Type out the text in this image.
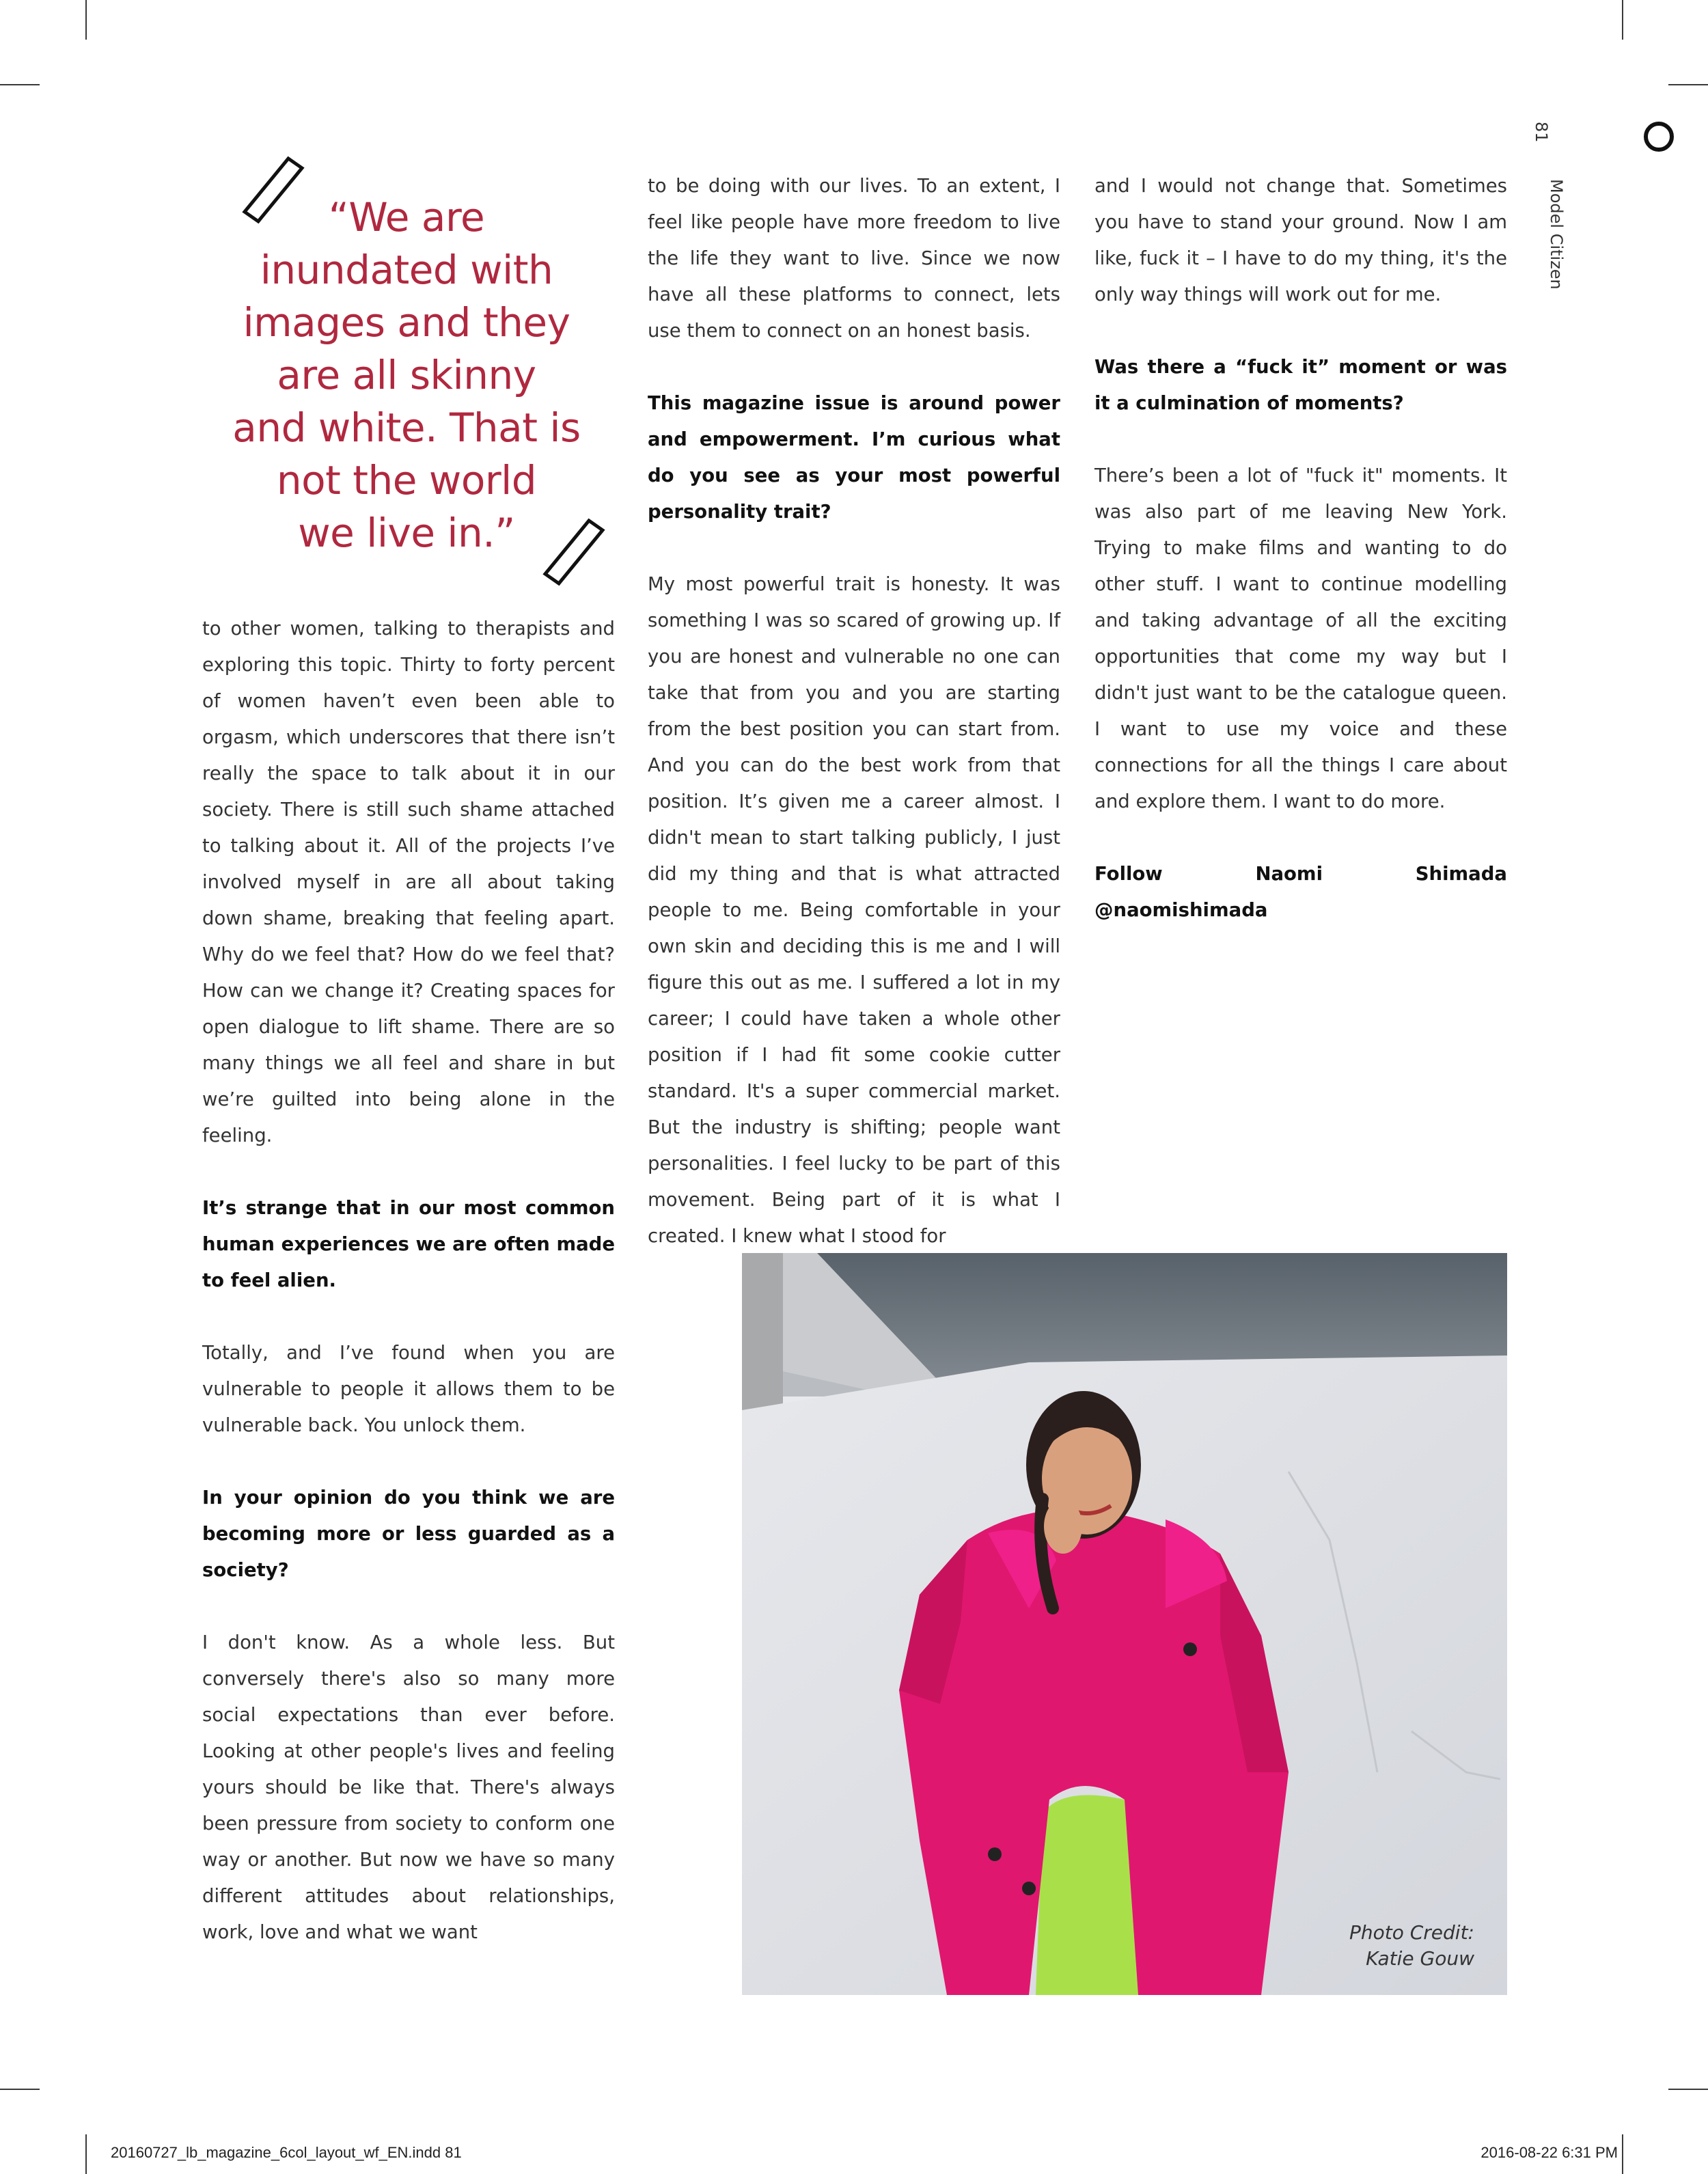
81
Model Citizen
“We are
inundated with
images and they
are all skinny
and white. That is
not the world
we live in.”

to other women, talking to therapists and exploring this topic. Thirty to forty percent of women haven’t even been able to orgasm, which underscores that there isn’t really the space to talk about it in our society. There is still such shame attached to talking about it. All of the projects I’ve involved myself in are all about taking down shame, breaking that feeling apart. Why do we feel that? How do we feel that? How can we change it? Creating spaces for open dialogue to lift shame. There are so many things we all feel and share in but we’re guilted into being alone in the feeling.

It’s strange that in our most common human experiences we are often made to feel alien.

Totally, and I’ve found when you are vulnerable to people it allows them to be vulnerable back. You unlock them.

In your opinion do you think we are becoming more or less guarded as a society?

I don't know. As a whole less. But conversely there's also so many more social expectations than ever before. Looking at other people's lives and feeling yours should be like that. There's always been pressure from society to conform one way or another. But now we have so many different attitudes about relationships, work, love and what we want

to be doing with our lives. To an extent, I feel like people have more freedom to live the life they want to live. Since we now have all these platforms to connect, lets use them to connect on an honest basis.

This magazine issue is around power and empowerment. I’m curious what do you see as your most powerful personality trait?

My most powerful trait is honesty. It was something I was so scared of growing up. If you are honest and vulnerable no one can take that from you and you are starting from the best position you can start from. And you can do the best work from that position. It’s given me a career almost. I didn't mean to start talking publicly, I just did my thing and that is what attracted people to me. Being comfortable in your own skin and deciding this is me and I will figure this out as me. I suffered a lot in my career; I could have taken a whole other position if I had fit some cookie cutter standard. It's a super commercial market. But the industry is shifting; people want personalities. I feel lucky to be part of this movement. Being part of it is what I created. I knew what I stood for

and I would not change that. Sometimes you have to stand your ground. Now I am like, fuck it – I have to do my thing, it's the only way things will work out for me.

Was there a “fuck it” moment or was it a culmination of moments?

There’s been a lot of "fuck it" moments. It was also part of me leaving New York. Trying to make films and wanting to do other stuff. I want to continue modelling and taking advantage of all the exciting opportunities that come my way but I didn't just want to be the catalogue queen. I want to use my voice and these connections for all the things I care about and explore them. I want to do more.

Follow Naomi Shimada @naomishimada

Photo Credit:
Katie Gouw
20160727_lb_magazine_6col_layout_wf_EN.indd 81	2016-08-22 6:31 PM
